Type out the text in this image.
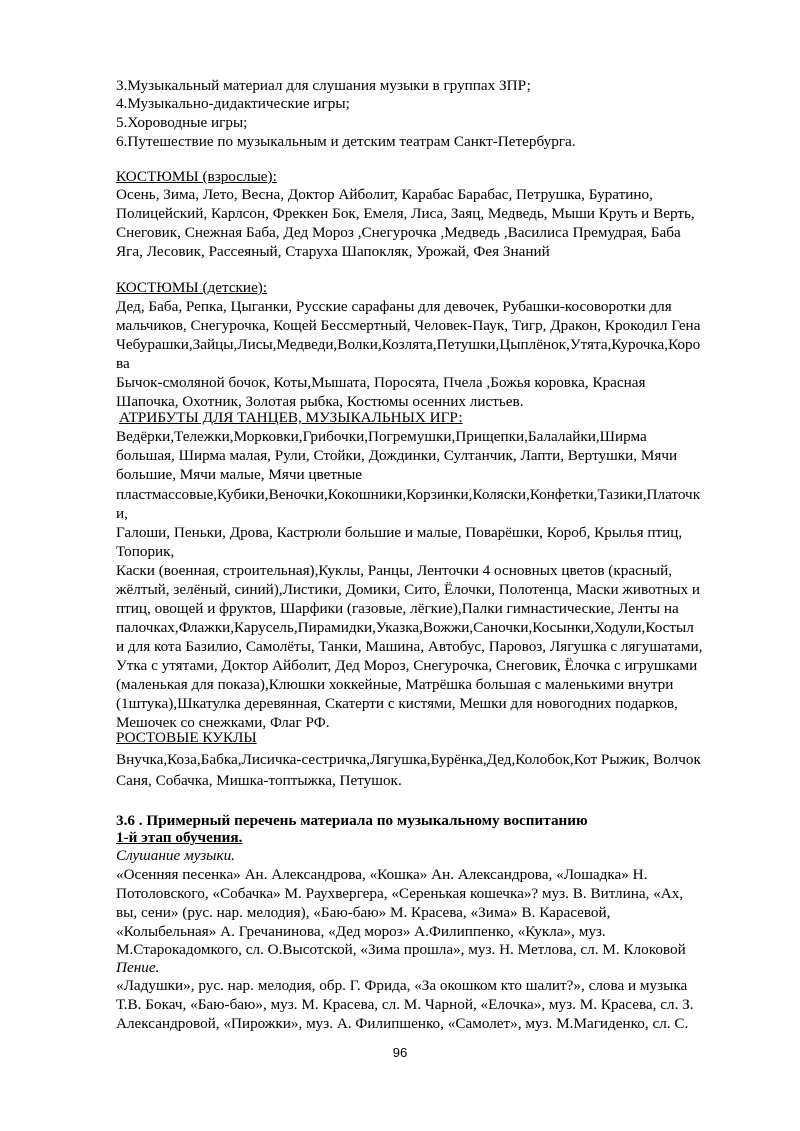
3.Музыкальный материал для слушания музыки в группах ЗПР;
4.Музыкально-дидактические игры;
5.Хороводные игры;
6.Путешествие по музыкальным и детским театрам Санкт-Петербурга.
КОСТЮМЫ (взрослые):
Осень, Зима, Лето, Весна, Доктор Айболит, Карабас Барабас, Петрушка, Буратино,
Полицейский, Карлсон, Фреккен Бок, Емеля, Лиса, Заяц, Медведь, Мыши Круть и Верть,
Снеговик, Снежная Баба, Дед Мороз ,Снегурочка ,Медведь ,Василиса Премудрая, Баба
Яга, Лесовик, Рассеяный, Старуха Шапокляк, Урожай, Фея Знаний
КОСТЮМЫ (детские):
Дед, Баба, Репка, Цыганки, Русские сарафаны для девочек, Рубашки-косоворотки для
мальчиков, Снегурочка, Кощей Бессмертный, Человек-Паук, Тигр, Дракон, Крокодил Гена
Чебурашки,Зайцы,Лисы,Медведи,Волки,Козлята,Петушки,Цыплёнок,Утята,Курочка,Коро
ва
Бычок-смоляной бочок, Коты,Мышата, Поросята, Пчела ,Божья коровка, Красная
Шапочка, Охотник, Золотая рыбка, Костюмы осенних листьев.
АТРИБУТЫ ДЛЯ ТАНЦЕВ, МУЗЫКАЛЬНЫХ ИГР:
Ведёрки,Тележки,Морковки,Грибочки,Погремушки,Прищепки,Балалайки,Ширма
большая, Ширма малая, Рули, Стойки, Дождинки, Султанчик, Лапти, Вертушки, Мячи
большие, Мячи малые, Мячи цветные
пластмассовые,Кубики,Веночки,Кокошники,Корзинки,Коляски,Конфетки,Тазики,Платочк
и,
Галоши, Пеньки, Дрова, Кастрюли большие и малые, Поварёшки, Короб, Крылья птиц,
Топорик,
Каски (военная, строительная),Куклы, Ранцы, Ленточки 4 основных цветов (красный,
жёлтый, зелёный, синий),Листики, Домики, Сито, Ёлочки, Полотенца, Маски животных и
птиц, овощей и фруктов, Шарфики (газовые, лёгкие),Палки гимнастические, Ленты на
палочках,Флажки,Карусель,Пирамидки,Указка,Вожжи,Саночки,Косынки,Ходули,Костыл
и для кота Базилио, Самолёты, Танки, Машина, Автобус, Паровоз, Лягушка с лягушатами,
Утка с утятами, Доктор Айболит, Дед Мороз, Снегурочка, Снеговик, Ёлочка с игрушками
(маленькая для показа),Клюшки хоккейные, Матрёшка большая с маленькими внутри
(1штука),Шкатулка деревянная, Скатерти с кистями, Мешки для новогодних подарков,
Мешочек со снежками, Флаг РФ.
РОСТОВЫЕ КУКЛЫ
Внучка,Коза,Бабка,Лисичка-сестричка,Лягушка,Бурёнка,Дед,Колобок,Кот Рыжик, Волчок
Саня, Собачка, Мишка-топтыжка, Петушок.
3.6 . Примерный перечень материала по музыкальному воспитанию
1-й этап обучения.
Слушание музыки.
«Осенняя песенка» Ан. Александрова, «Кошка» Ан. Александрова, «Лошадка» Н.
Потоловского, «Собачка» М. Раухвергера, «Серенькая кошечка»? муз. В. Витлина, «Ах,
вы, сени» (рус. нар. мелодия), «Баю-баю» М. Красева, «Зима» В. Карасевой,
«Колыбельная» А. Гречанинова, «Дед мороз» А.Филиппенко, «Кукла», муз.
М.Старокадомкого, сл. О.Высотской, «Зима прошла», муз. Н. Метлова, сл. М. Клоковой
Пение.
«Ладушки», рус. нар. мелодия, обр. Г. Фрида, «За окошком кто шалит?», слова и музыка
Т.В. Бокач, «Баю-баю», муз. М. Красева, сл. М. Чарной, «Елочка», муз. М. Красева, сл. З.
Александровой, «Пирожки», муз. А. Филипшенко, «Самолет», муз. М.Магиденко, сл. С.
96
